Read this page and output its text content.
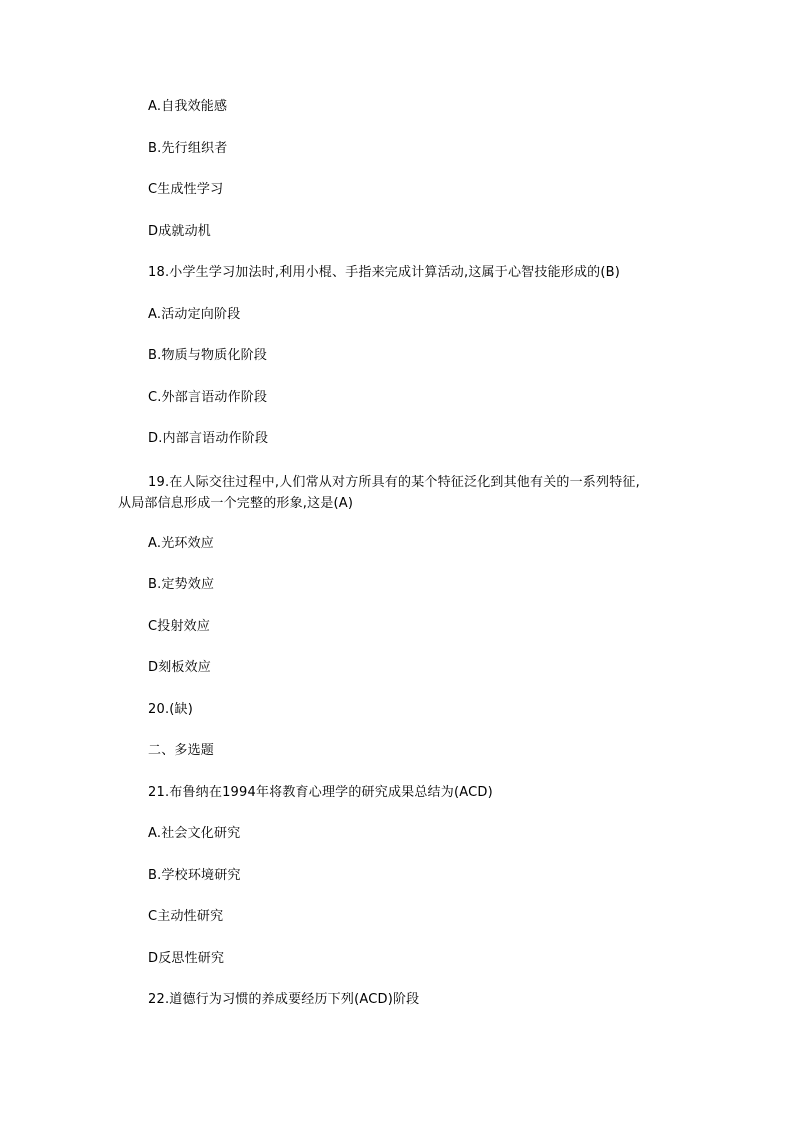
A.自我效能感
B.先行组织者
C生成性学习
D成就动机
18.小学生学习加法时,利用小棍、手指来完成计算活动,这属于心智技能形成的(B)
A.活动定向阶段
B.物质与物质化阶段
C.外部言语动作阶段
D.内部言语动作阶段
19.在人际交往过程中,人们常从对方所具有的某个特征泛化到其他有关的一系列特征,
从局部信息形成一个完整的形象,这是(A)
A.光环效应
B.定势效应
C投射效应
D刻板效应
20.(缺)
二、多选题
21.布鲁纳在1994年将教育心理学的研究成果总结为(ACD)
A.社会文化研究
B.学校环境研究
C主动性研究
D反思性研究
22.道德行为习惯的养成要经历下列(ACD)阶段
